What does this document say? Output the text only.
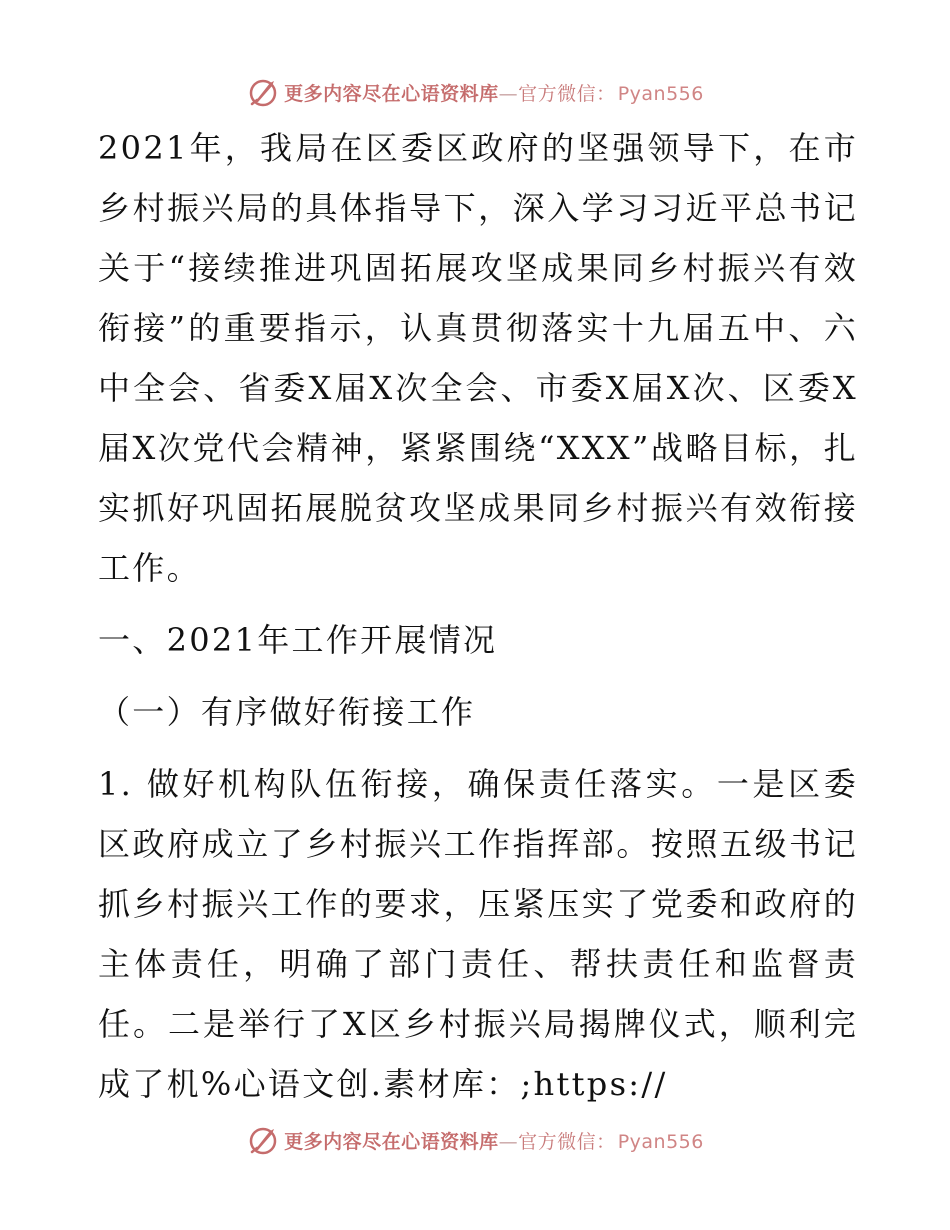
更多内容尽在心语资料库—官方微信： Pyan556

2021年，我局在区委区政府的坚强领导下，在市乡村振兴局的具体指导下，深入学习习近平总书记关于“接续推进巩固拓展攻坚成果同乡村振兴有效衔接”的重要指示，认真贯彻落实十九届五中、六中全会、省委X届X次全会、市委X届X次、区委X届X次党代会精神，紧紧围绕“XXX”战略目标，扎实抓好巩固拓展脱贫攻坚成果同乡村振兴有效衔接工作。

一、2021年工作开展情况

（一）有序做好衔接工作

1. 做好机构队伍衔接，确保责任落实。一是区委区政府成立了乡村振兴工作指挥部。按照五级书记抓乡村振兴工作的要求，压紧压实了党委和政府的主体责任，明确了部门责任、帮扶责任和监督责任。二是举行了X区乡村振兴局揭牌仪式，顺利完成了机%心语文创.素材库：;https://

更多内容尽在心语资料库—官方微信： Pyan556
